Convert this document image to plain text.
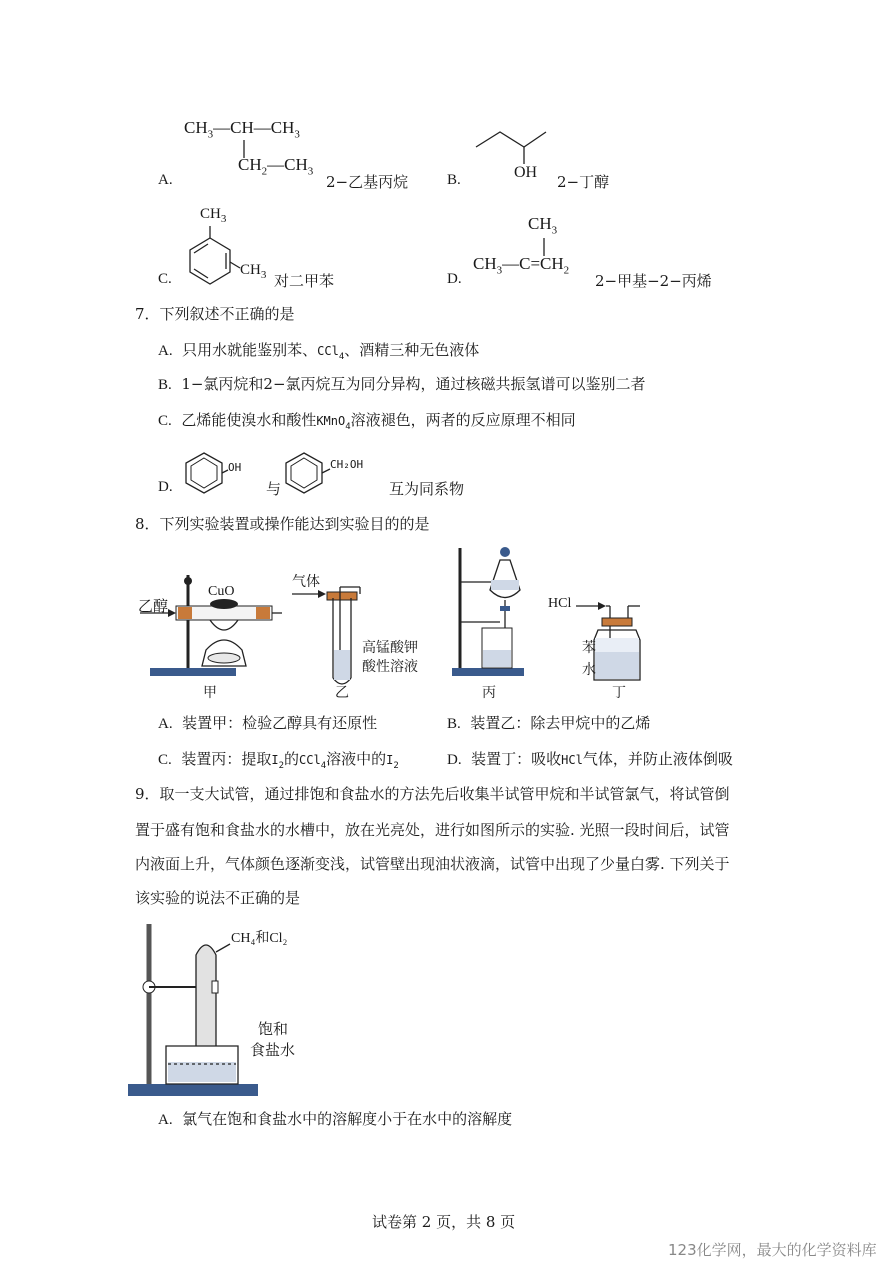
A.
$CH_3—CH—CH_3$
$CH_2—CH_3$
2−乙基丙烷	B.	OH
2−丁醇
C.
$CH_3$
$CH_3$ 对二甲苯	D.
$CH_3$
$CH_3—C=CH_2$
2−甲基−2−丙烯
7．下列叙述不正确的是
A. 只用水就能鉴别苯、CCl$_4$、酒精三种无色液体
B. 1−氯丙烷和2−氯丙烷互为同分异构，通过核磁共振氢谱可以鉴别二者
C. 乙烯能使溴水和酸性KMnO$_4$溶液褪色，两者的反应原理不相同
D.
OH	CH₂OH
与	互为同系物
8．下列实验装置或操作能达到实验目的的是
乙醇
CuO
气体
高锰酸钾
酸性溶液
HCl
苯
水
甲	乙	丙	丁
A. 装置甲：检验乙醇具有还原性	B. 装置乙：除去甲烷中的乙烯
C. 装置丙：提取$I_2$的CCl$_4$溶液中的$I_2$	D. 装置丁：吸收HCl气体，并防止液体倒吸
9．取一支大试管，通过排饱和食盐水的方法先后收集半试管甲烷和半试管氯气，将试管倒
置于盛有饱和食盐水的水槽中，放在光亮处，进行如图所示的实验. 光照一段时间后，试管
内液面上升，气体颜色逐渐变浅，试管壁出现油状液滴，试管中出现了少量白雾. 下列关于
该实验的说法不正确的是
CH₄和Cl₂
饱和
食盐水
A. 氯气在饱和食盐水中的溶解度小于在水中的溶解度
试卷第 2 页，共 8 页
123化学网，最大的化学资料库
